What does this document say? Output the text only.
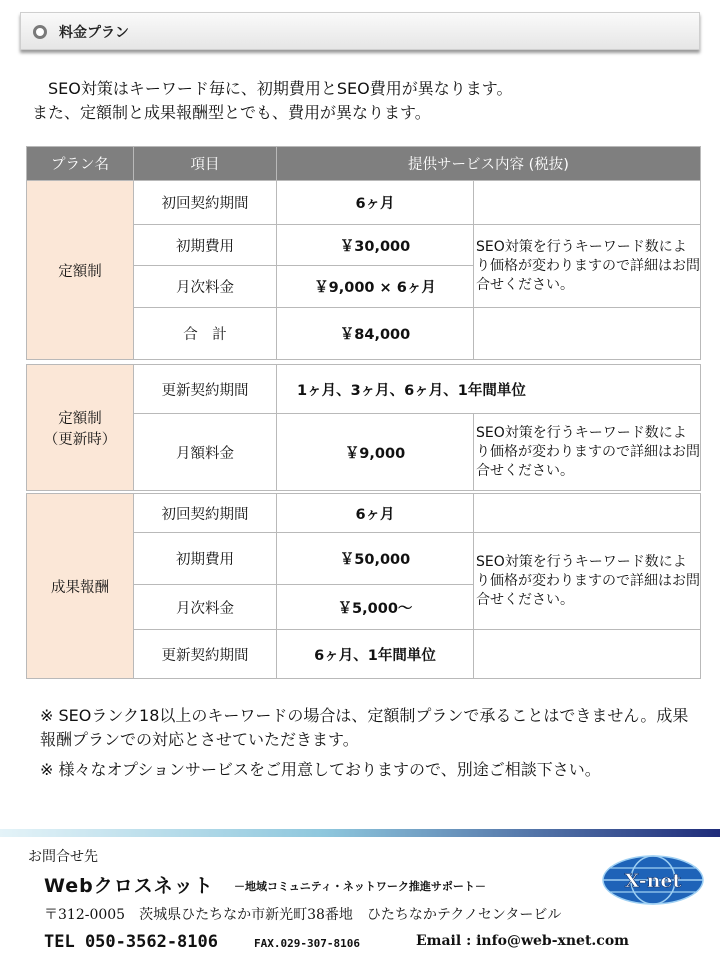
料金プラン

SEO対策はキーワード毎に、初期費用とSEO費用が異なります。

また、定額制と成果報酬型とでも、費用が異なります。

プラン名	項目	提供サービス内容 (税抜)	
定額制	初回契約期間	6ヶ月	
	初期費用	￥30,000	SEO対策を行うキーワード数により価格が変わりますので詳細はお問合せください。
	月次料金	￥9,000 × 6ヶ月	
	合　計	￥84,000	
定額制
（更新時）	更新契約期間	1ヶ月、3ヶ月、6ヶ月、1年間単位	
	月額料金	￥9,000	SEO対策を行うキーワード数により価格が変わりますので詳細はお問合せください。
成果報酬	初回契約期間	6ヶ月	
	初期費用	￥50,000	SEO対策を行うキーワード数により価格が変わりますので詳細はお問合せください。
	月次料金	￥5,000～	
	更新契約期間	6ヶ月、1年間単位	

※ SEOランク18以上のキーワードの場合は、定額制プランで承ることはできません。成果報酬プランでの対応とさせていただきます。

※ 様々なオプションサービスをご用意しておりますので、別途ご相談下さい。

お問合せ先
Webクロスネット －地域コミュニティ・ネットワーク推進サポート－
〒312-0005　茨城県ひたちなか市新光町38番地　ひたちなかテクノセンタービル
TEL 050-3562-8106	FAX.029-307-8106	Email : info@web-xnet.com
X-net
